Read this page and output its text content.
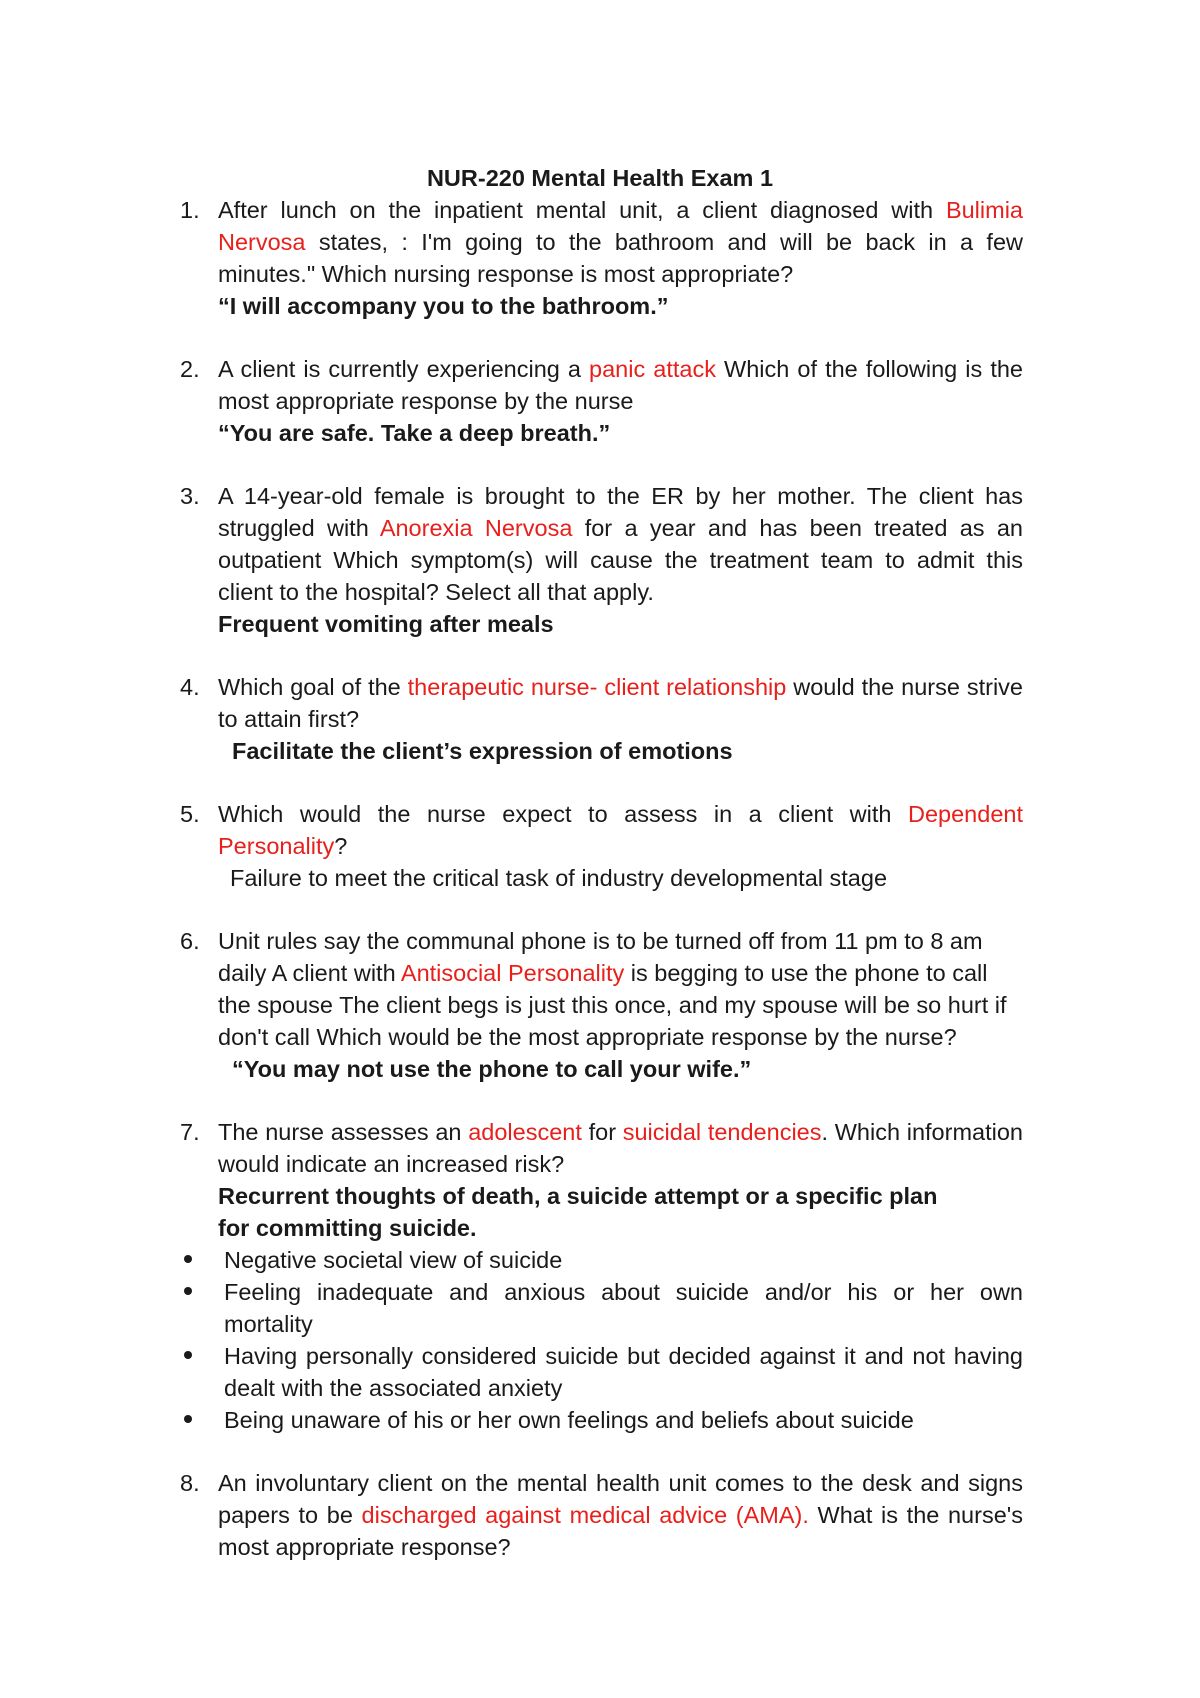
NUR-220 Mental Health Exam 1
1. After lunch on the inpatient mental unit, a client diagnosed with Bulimia Nervosa states, : I'm going to the bathroom and will be back in a few minutes." Which nursing response is most appropriate?
“I will accompany you to the bathroom.”
2. A client is currently experiencing a panic attack Which of the following is the most appropriate response by the nurse
“You are safe. Take a deep breath.”
3. A 14-year-old female is brought to the ER by her mother. The client has struggled with Anorexia Nervosa for a year and has been treated as an outpatient Which symptom(s) will cause the treatment team to admit this client to the hospital? Select all that apply.
Frequent vomiting after meals
4. Which goal of the therapeutic nurse- client relationship would the nurse strive to attain first?
Facilitate the client’s expression of emotions
5. Which would the nurse expect to assess in a client with Dependent Personality?
Failure to meet the critical task of industry developmental stage
6. Unit rules say the communal phone is to be turned off from 11 pm to 8 am daily A client with Antisocial Personality is begging to use the phone to call the spouse The client begs is just this once, and my spouse will be so hurt if don't call Which would be the most appropriate response by the nurse?
“You may not use the phone to call your wife.”
7. The nurse assesses an adolescent for suicidal tendencies. Which information would indicate an increased risk?
Recurrent thoughts of death, a suicide attempt or a specific plan
for committing suicide.
Negative societal view of suicide
Feeling inadequate and anxious about suicide and/or his or her own mortality
Having personally considered suicide but decided against it and not having dealt with the associated anxiety
Being unaware of his or her own feelings and beliefs about suicide
8. An involuntary client on the mental health unit comes to the desk and signs papers to be discharged against medical advice (AMA). What is the nurse's most appropriate response?
